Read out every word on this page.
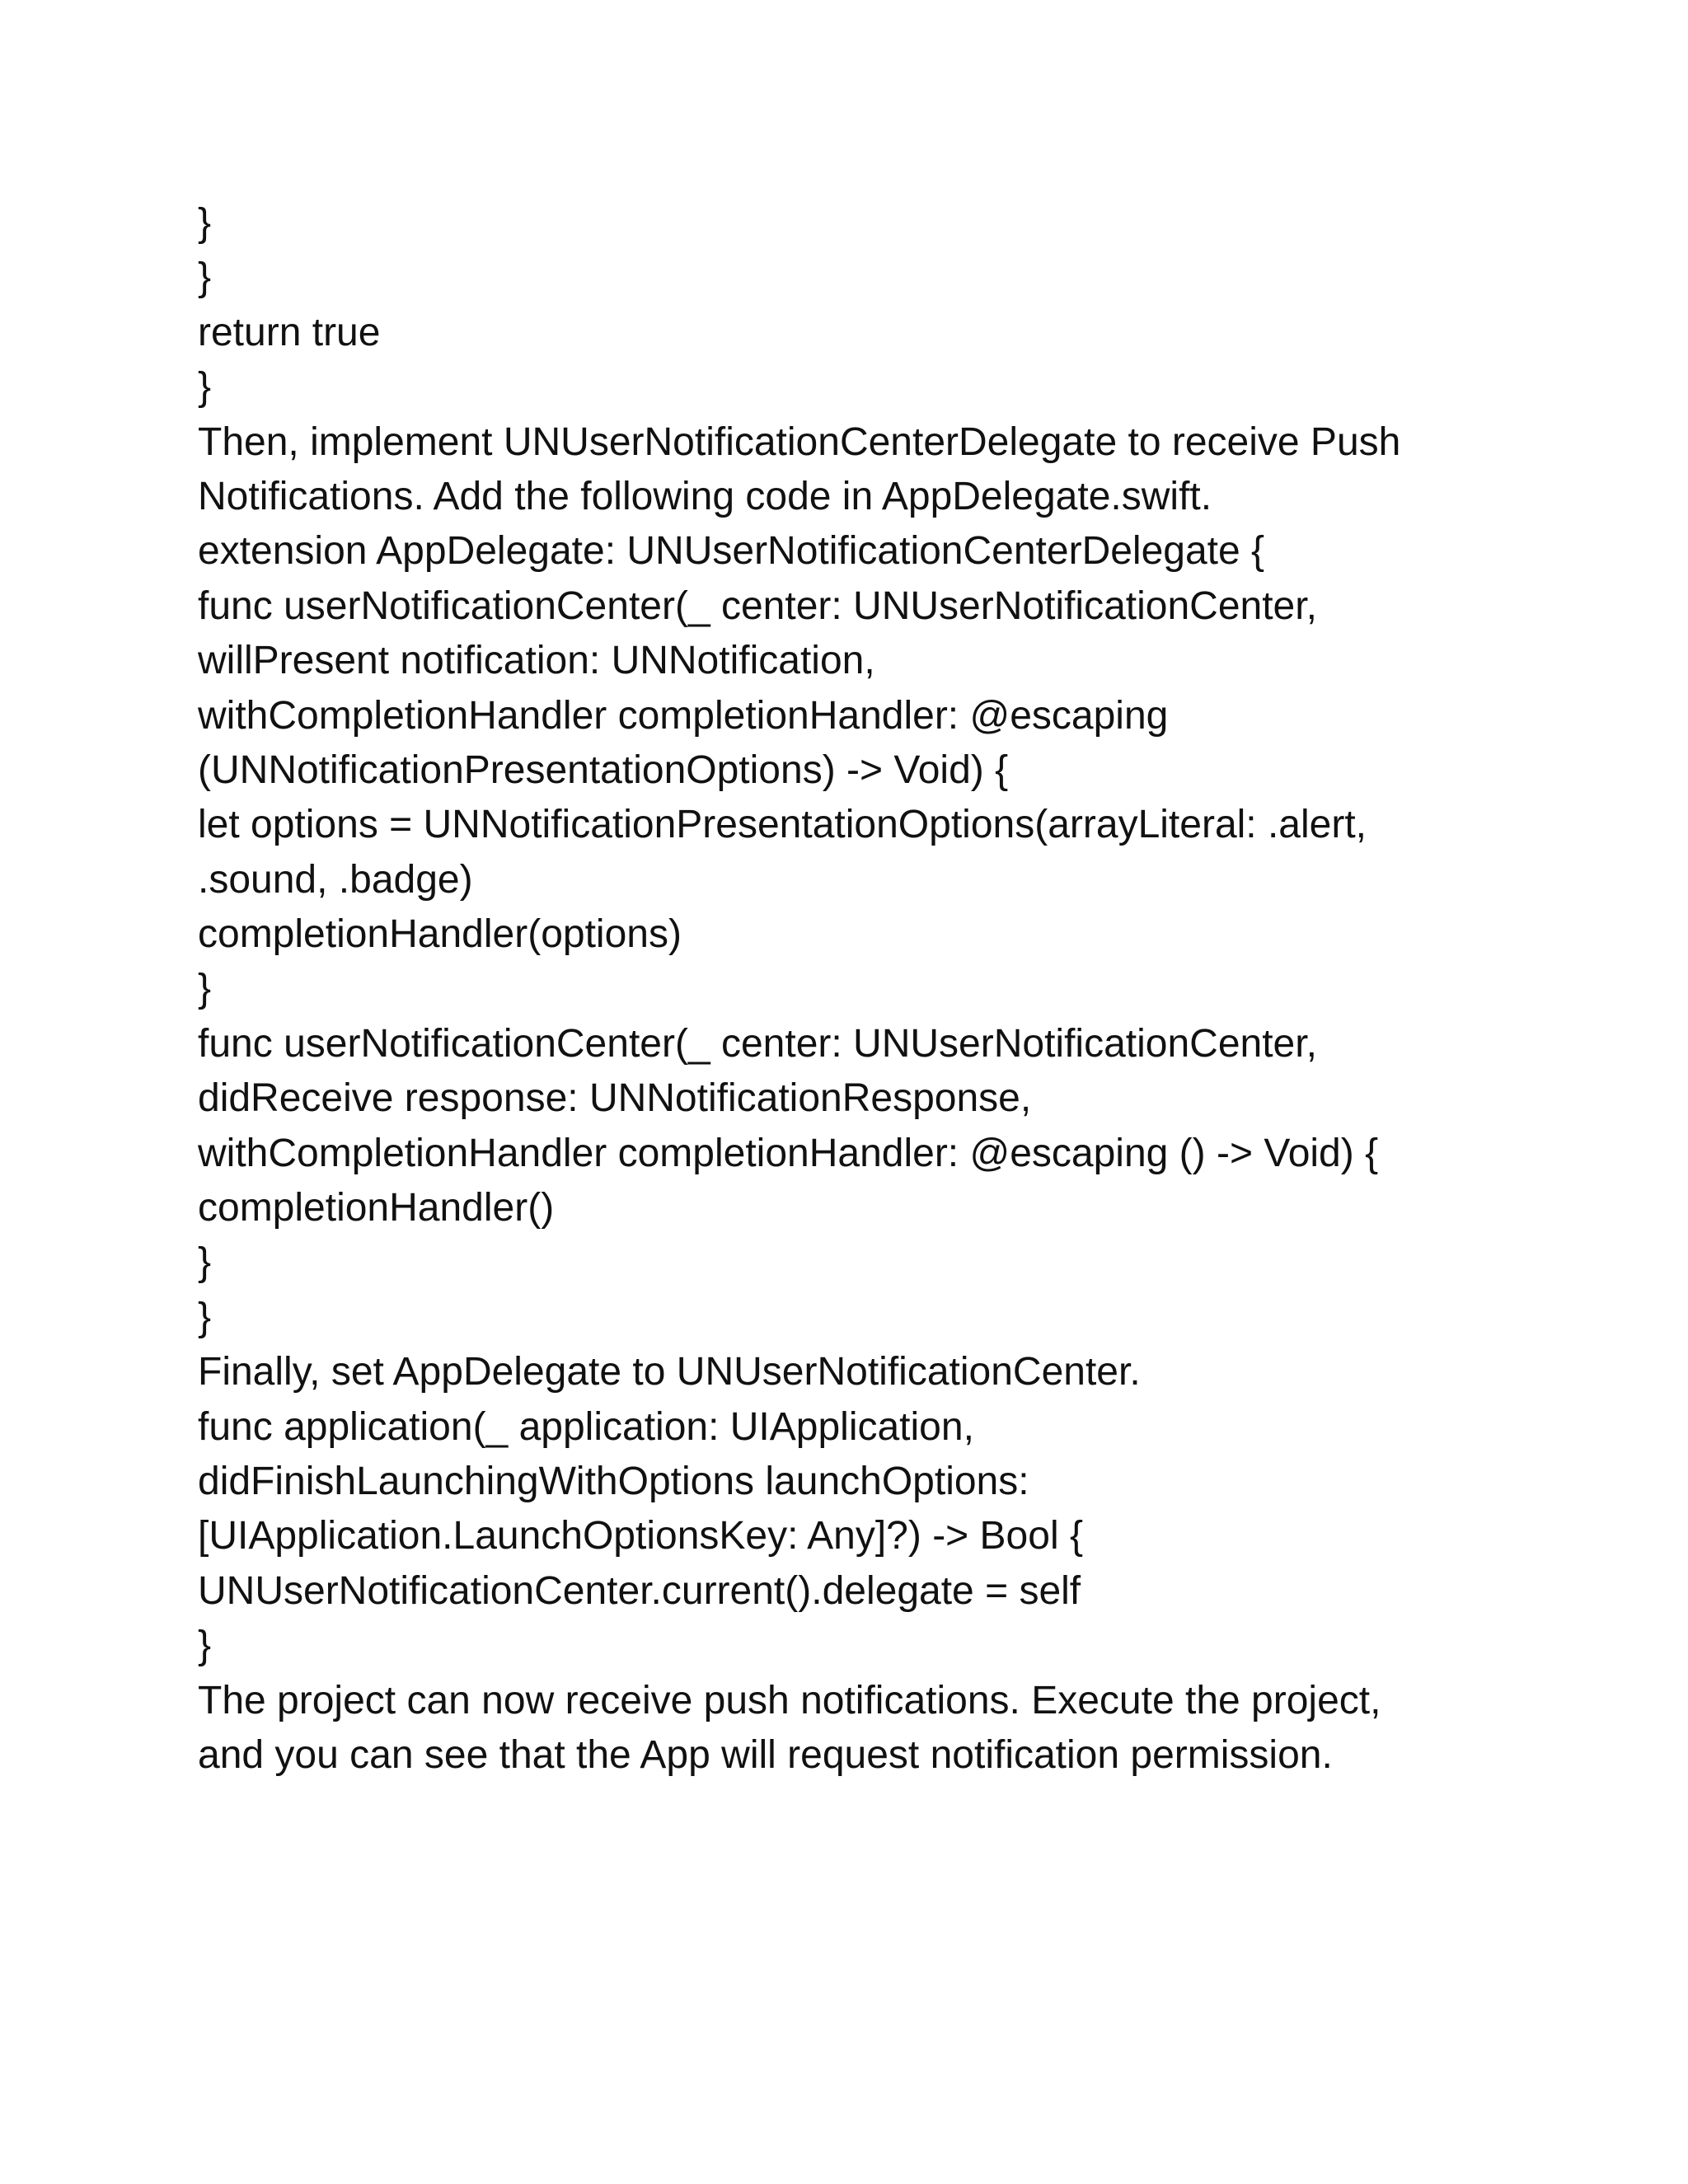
}
}
return true
}
Then, implement UNUserNotificationCenterDelegate to receive Push
Notifications. Add the following code in AppDelegate.swift.
extension AppDelegate: UNUserNotificationCenterDelegate {
func userNotificationCenter(_ center: UNUserNotificationCenter,
willPresent notification: UNNotification,
withCompletionHandler completionHandler: @escaping
(UNNotificationPresentationOptions) -> Void) {
let options = UNNotificationPresentationOptions(arrayLiteral: .alert,
.sound, .badge)
completionHandler(options)
}
func userNotificationCenter(_ center: UNUserNotificationCenter,
didReceive response: UNNotificationResponse,
withCompletionHandler completionHandler: @escaping () -> Void) {
completionHandler()
}
}
Finally, set AppDelegate to UNUserNotificationCenter.
func application(_ application: UIApplication,
didFinishLaunchingWithOptions launchOptions:
[UIApplication.LaunchOptionsKey: Any]?) -> Bool {
UNUserNotificationCenter.current().delegate = self
}
The project can now receive push notifications. Execute the project,
and you can see that the App will request notification permission.
